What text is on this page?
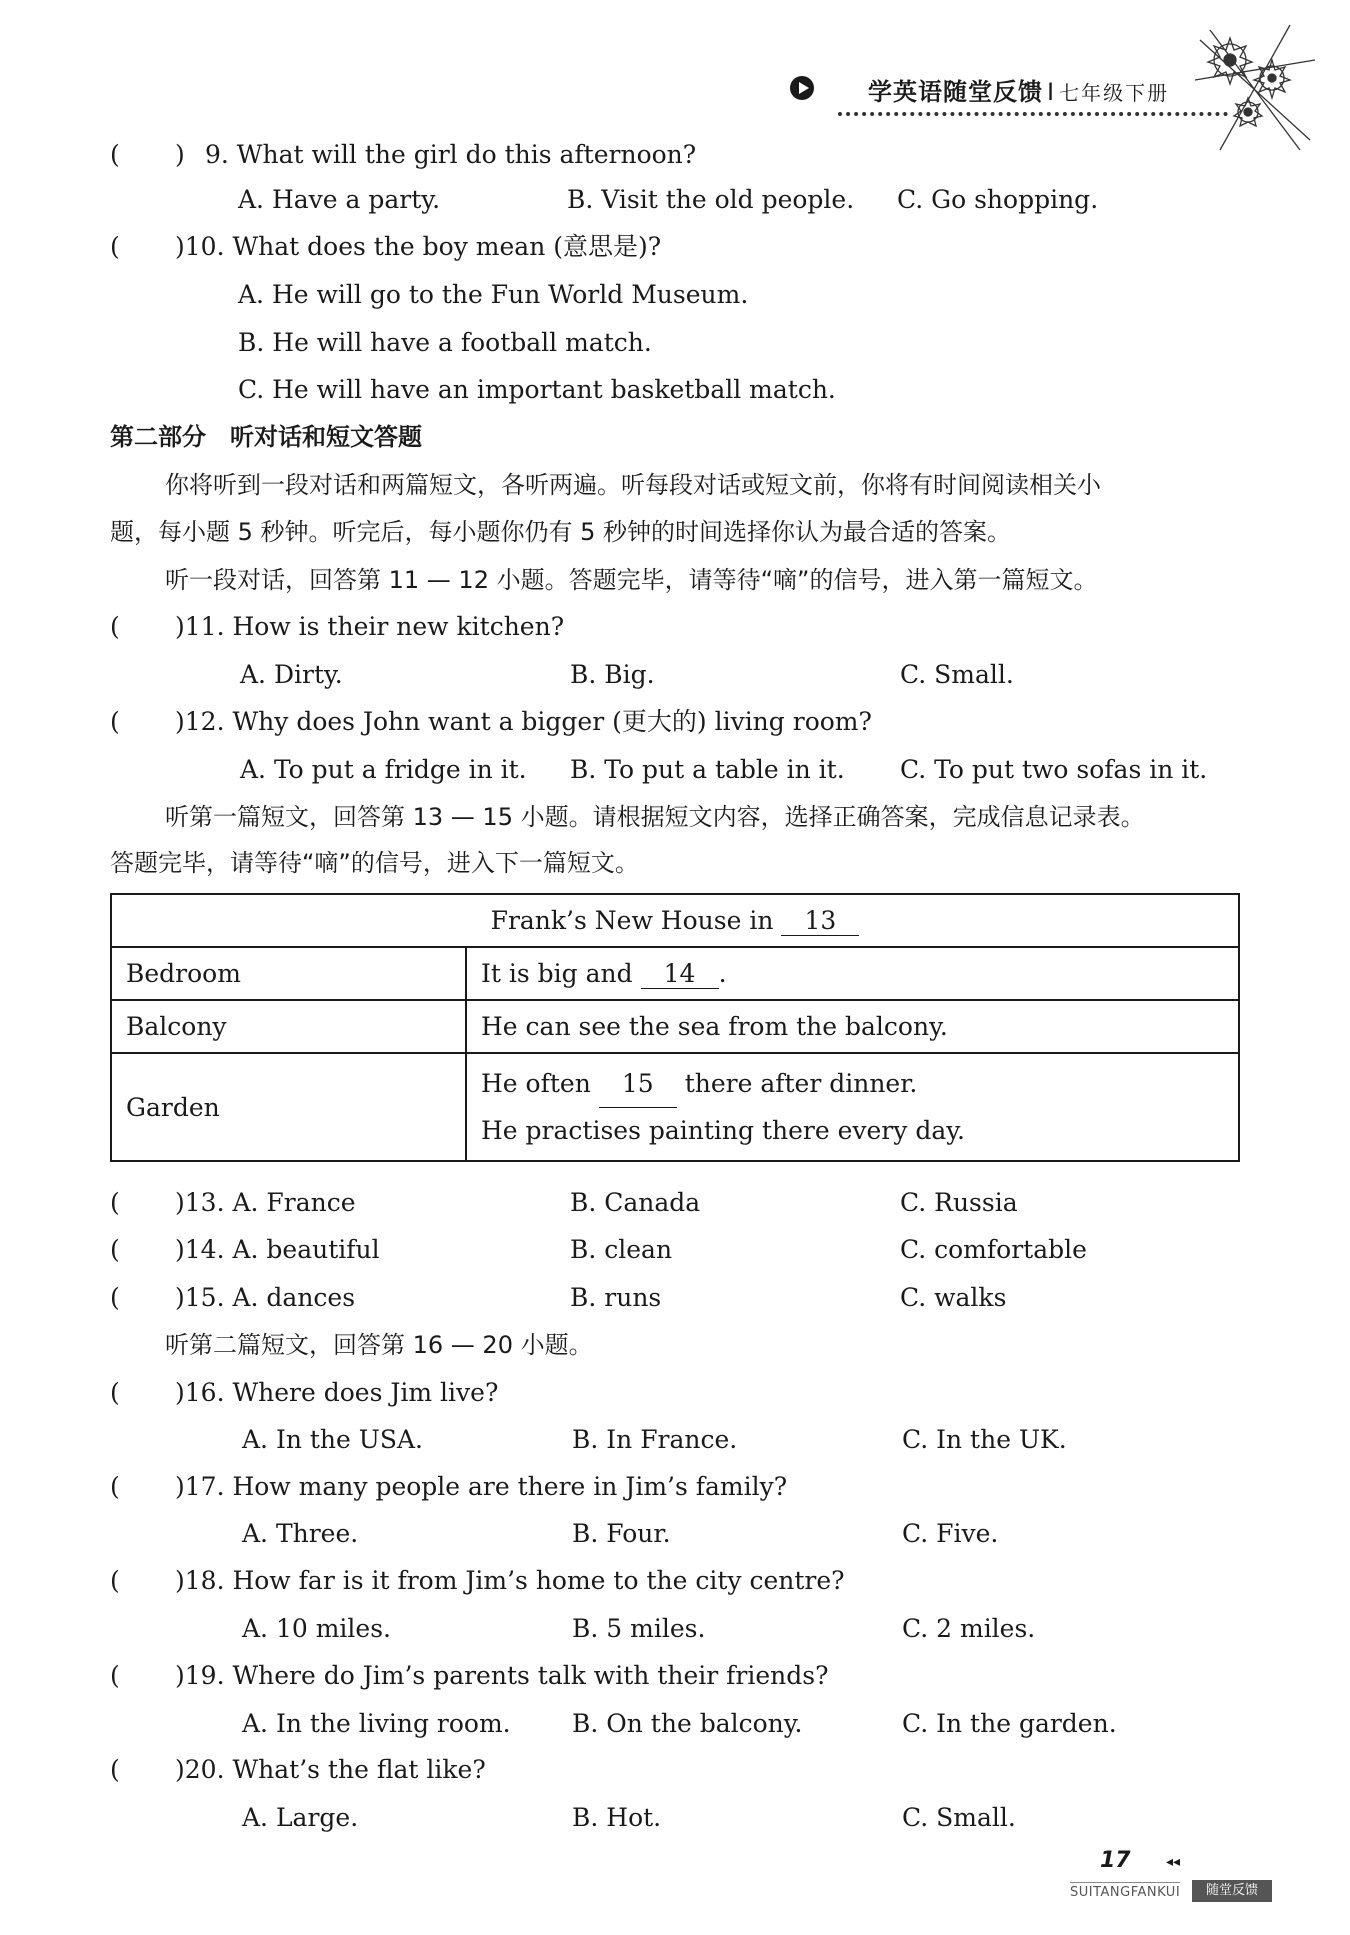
学英语随堂反馈 I 七年级下册
( ) 9. What will the girl do this afternoon?
A. Have a party.	B. Visit the old people. C. Go shopping.
( )10. What does the boy mean (意思是)?
A. He will go to the Fun World Museum.
B. He will have a football match.
C. He will have an important basketball match.
第二部分　听对话和短文答题
你将听到一段对话和两篇短文，各听两遍。听每段对话或短文前，你将有时间阅读相关小
题，每小题 5 秒钟。听完后，每小题你仍有 5 秒钟的时间选择你认为最合适的答案。
听一段对话，回答第 11 — 12 小题。答题完毕，请等待“嘀”的信号，进入第一篇短文。
( )11. How is their new kitchen?
A. Dirty.	B. Big.	C. Small.
( )12. Why does John want a bigger (更大的) living room?
A. To put a fridge in it. B. To put a table in it. C. To put two sofas in it.
听第一篇短文，回答第 13 — 15 小题。请根据短文内容，选择正确答案，完成信息记录表。
答题完毕，请等待“嘀”的信号，进入下一篇短文。
Frank’s New House in 13	
Bedroom	It is big and 14 .
Balcony	He can see the sea from the balcony.
Garden	He often 15 there after dinner.
He practises painting there every day.
( )13. A. France	B. Canada	C. Russia
( )14. A. beautiful	B. clean	C. comfortable
( )15. A. dances	B. runs	C. walks
听第二篇短文，回答第 16 — 20 小题。
( )16. Where does Jim live?
A. In the USA.	B. In France.	C. In the UK.
( )17. How many people are there in Jim’s family?
A. Three.	B. Four.	C. Five.
( )18. How far is it from Jim’s home to the city centre?
A. 10 miles.	B. 5 miles.	C. 2 miles.
( )19. Where do Jim’s parents talk with their friends?
A. In the living room. B. On the balcony.	C. In the garden.
( )20. What’s the flat like?
A. Large.	B. Hot.	C. Small.
17	◂◂
SUITANGFANKUI	随堂反馈
